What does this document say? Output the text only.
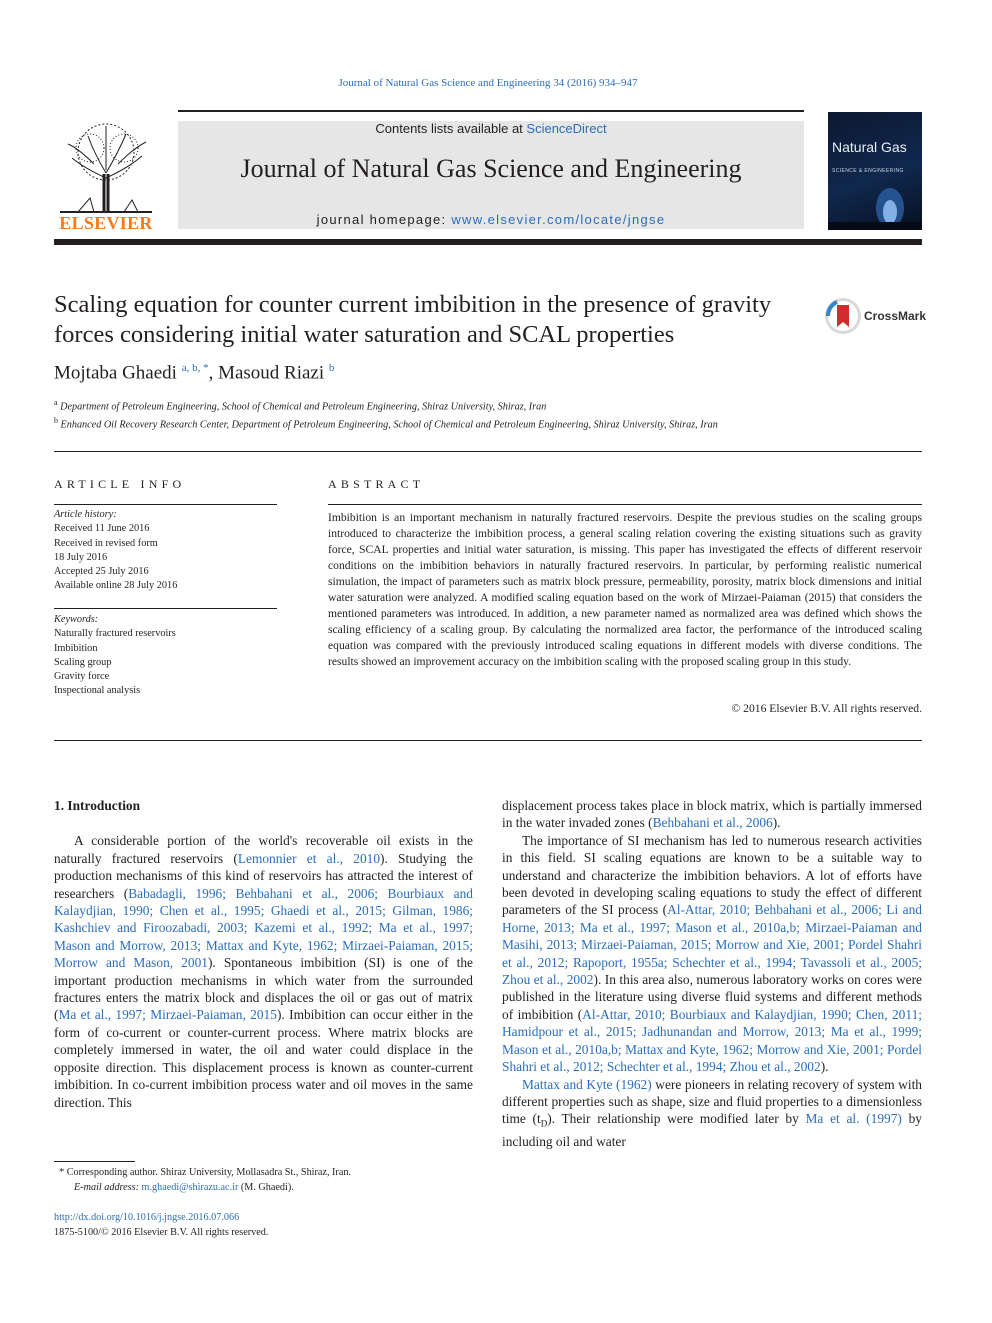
Journal of Natural Gas Science and Engineering 34 (2016) 934–947
ELSEVIER
Contents lists available at ScienceDirect
Journal of Natural Gas Science and Engineering
journal homepage: www.elsevier.com/locate/jngse
Natural Gas
SCIENCE & ENGINEERING
Scaling equation for counter current imbibition in the presence of gravity forces considering initial water saturation and SCAL properties
CrossMark
Mojtaba Ghaedi $^{a, b, *}$, Masoud Riazi $^b$
$^a$ Department of Petroleum Engineering, School of Chemical and Petroleum Engineering, Shiraz University, Shiraz, Iran
$^b$ Enhanced Oil Recovery Research Center, Department of Petroleum Engineering, School of Chemical and Petroleum Engineering, Shiraz University, Shiraz, Iran
ARTICLE INFO
Article history:
Received 11 June 2016
Received in revised form
18 July 2016
Accepted 25 July 2016
Available online 28 July 2016
Keywords:
Naturally fractured reservoirs
Imbibition
Scaling group
Gravity force
Inspectional analysis
ABSTRACT
Imbibition is an important mechanism in naturally fractured reservoirs. Despite the previous studies on the scaling groups introduced to characterize the imbibition process, a general scaling relation covering the existing situations such as gravity force, SCAL properties and initial water saturation, is missing. This paper has investigated the effects of different reservoir conditions on the imbibition behaviors in naturally fractured reservoirs. In particular, by performing realistic numerical simulation, the impact of parameters such as matrix block pressure, permeability, porosity, matrix block dimensions and initial water saturation were analyzed. A modified scaling equation based on the work of Mirzaei-Paiaman (2015) that considers the mentioned parameters was introduced. In addition, a new parameter named as normalized area was defined which shows the scaling efficiency of a scaling group. By calculating the normalized area factor, the performance of the introduced scaling equation was compared with the previously introduced scaling equations in different models with diverse conditions. The results showed an improvement accuracy on the imbibition scaling with the proposed scaling group in this study.
© 2016 Elsevier B.V. All rights reserved.

1. Introduction

A considerable portion of the world's recoverable oil exists in the naturally fractured reservoirs (Lemonnier et al., 2010). Studying the production mechanisms of this kind of reservoirs has attracted the interest of researchers (Babadagli, 1996; Behbahani et al., 2006; Bourbiaux and Kalaydjian, 1990; Chen et al., 1995; Ghaedi et al., 2015; Gilman, 1986; Kashchiev and Firoozabadi, 2003; Kazemi et al., 1992; Ma et al., 1997; Mason and Morrow, 2013; Mattax and Kyte, 1962; Mirzaei-Paiaman, 2015; Morrow and Mason, 2001). Spontaneous imbibition (SI) is one of the important production mechanisms in which water from the surrounded fractures enters the matrix block and displaces the oil or gas out of matrix (Ma et al., 1997; Mirzaei-Paiaman, 2015). Imbibition can occur either in the form of co-current or counter-current process. Where matrix blocks are completely immersed in water, the oil and water could displace in the opposite direction. This displacement process is known as counter-current imbibition. In co-current imbibition process water and oil moves in the same direction. This

displacement process takes place in block matrix, which is partially immersed in the water invaded zones (Behbahani et al., 2006).

The importance of SI mechanism has led to numerous research activities in this field. SI scaling equations are known to be a suitable way to understand and characterize the imbibition behaviors. A lot of efforts have been devoted in developing scaling equations to study the effect of different parameters of the SI process (Al-Attar, 2010; Behbahani et al., 2006; Li and Horne, 2013; Ma et al., 1997; Mason et al., 2010a,b; Mirzaei-Paiaman and Masihi, 2013; Mirzaei-Paiaman, 2015; Morrow and Xie, 2001; Pordel Shahri et al., 2012; Rapoport, 1955a; Schechter et al., 1994; Tavassoli et al., 2005; Zhou et al., 2002). In this area also, numerous laboratory works on cores were published in the literature using diverse fluid systems and different methods of imbibition (Al-Attar, 2010; Bourbiaux and Kalaydjian, 1990; Chen, 2011; Hamidpour et al., 2015; Jadhunandan and Morrow, 2013; Ma et al., 1999; Mason et al., 2010a,b; Mattax and Kyte, 1962; Morrow and Xie, 2001; Pordel Shahri et al., 2012; Schechter et al., 1994; Zhou et al., 2002).

Mattax and Kyte (1962) were pioneers in relating recovery of system with different properties such as shape, size and fluid properties to a dimensionless time $(t_D)$. Their relationship were modified later by Ma et al. (1997) by including oil and water

* Corresponding author. Shiraz University, Mollasadra St., Shiraz, Iran.
E-mail address: m.ghaedi@shirazu.ac.ir (M. Ghaedi).
http://dx.doi.org/10.1016/j.jngse.2016.07.066
1875-5100/© 2016 Elsevier B.V. All rights reserved.
